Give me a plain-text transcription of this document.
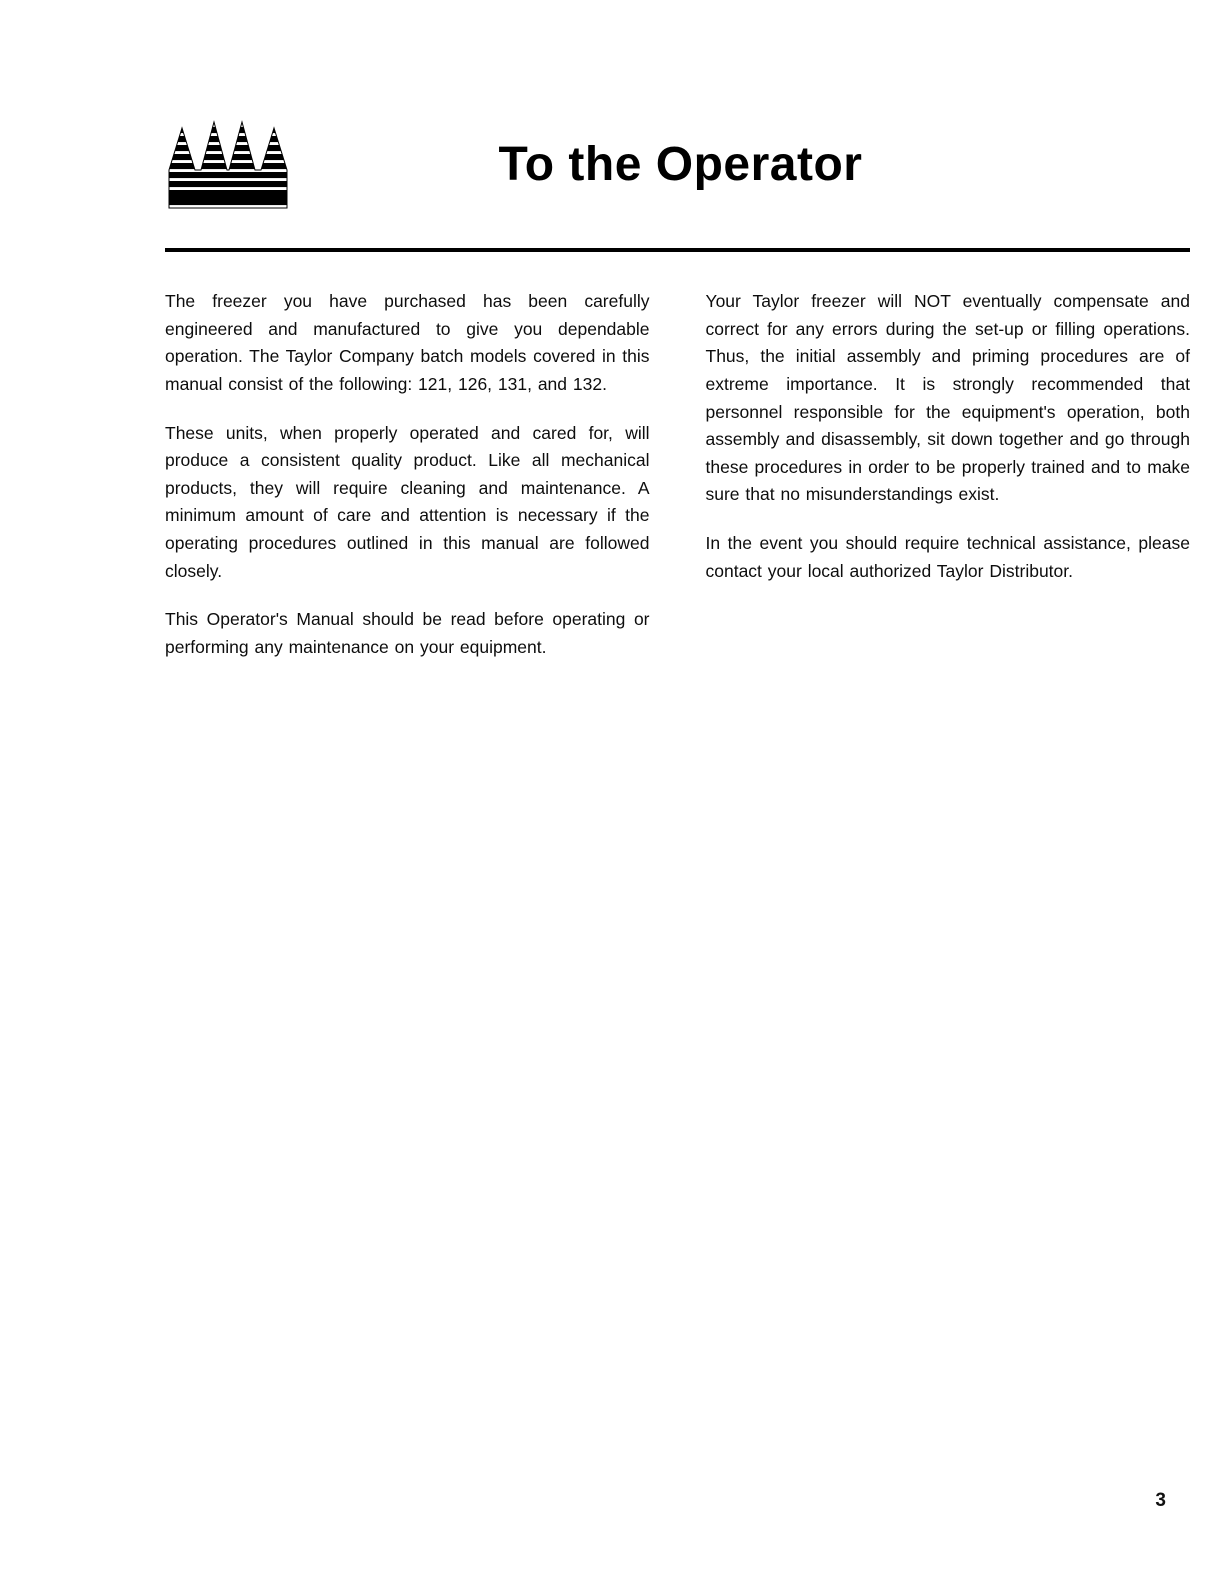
To the Operator

The freezer you have purchased has been carefully engineered and manufactured to give you dependable operation. The Taylor Company batch models covered in this manual consist of the following: 121, 126, 131, and 132.

These units, when properly operated and cared for, will produce a consistent quality product. Like all mechanical products, they will require cleaning and maintenance. A minimum amount of care and attention is necessary if the operating procedures outlined in this manual are followed closely.

This Operator's Manual should be read before operating or performing any maintenance on your equipment.

Your Taylor freezer will NOT eventually compensate and correct for any errors during the set-up or filling operations. Thus, the initial assembly and priming procedures are of extreme importance. It is strongly recommended that personnel responsible for the equipment's operation, both assembly and disassembly, sit down together and go through these procedures in order to be properly trained and to make sure that no misunderstandings exist.

In the event you should require technical assistance, please contact your local authorized Taylor Distributor.

3
